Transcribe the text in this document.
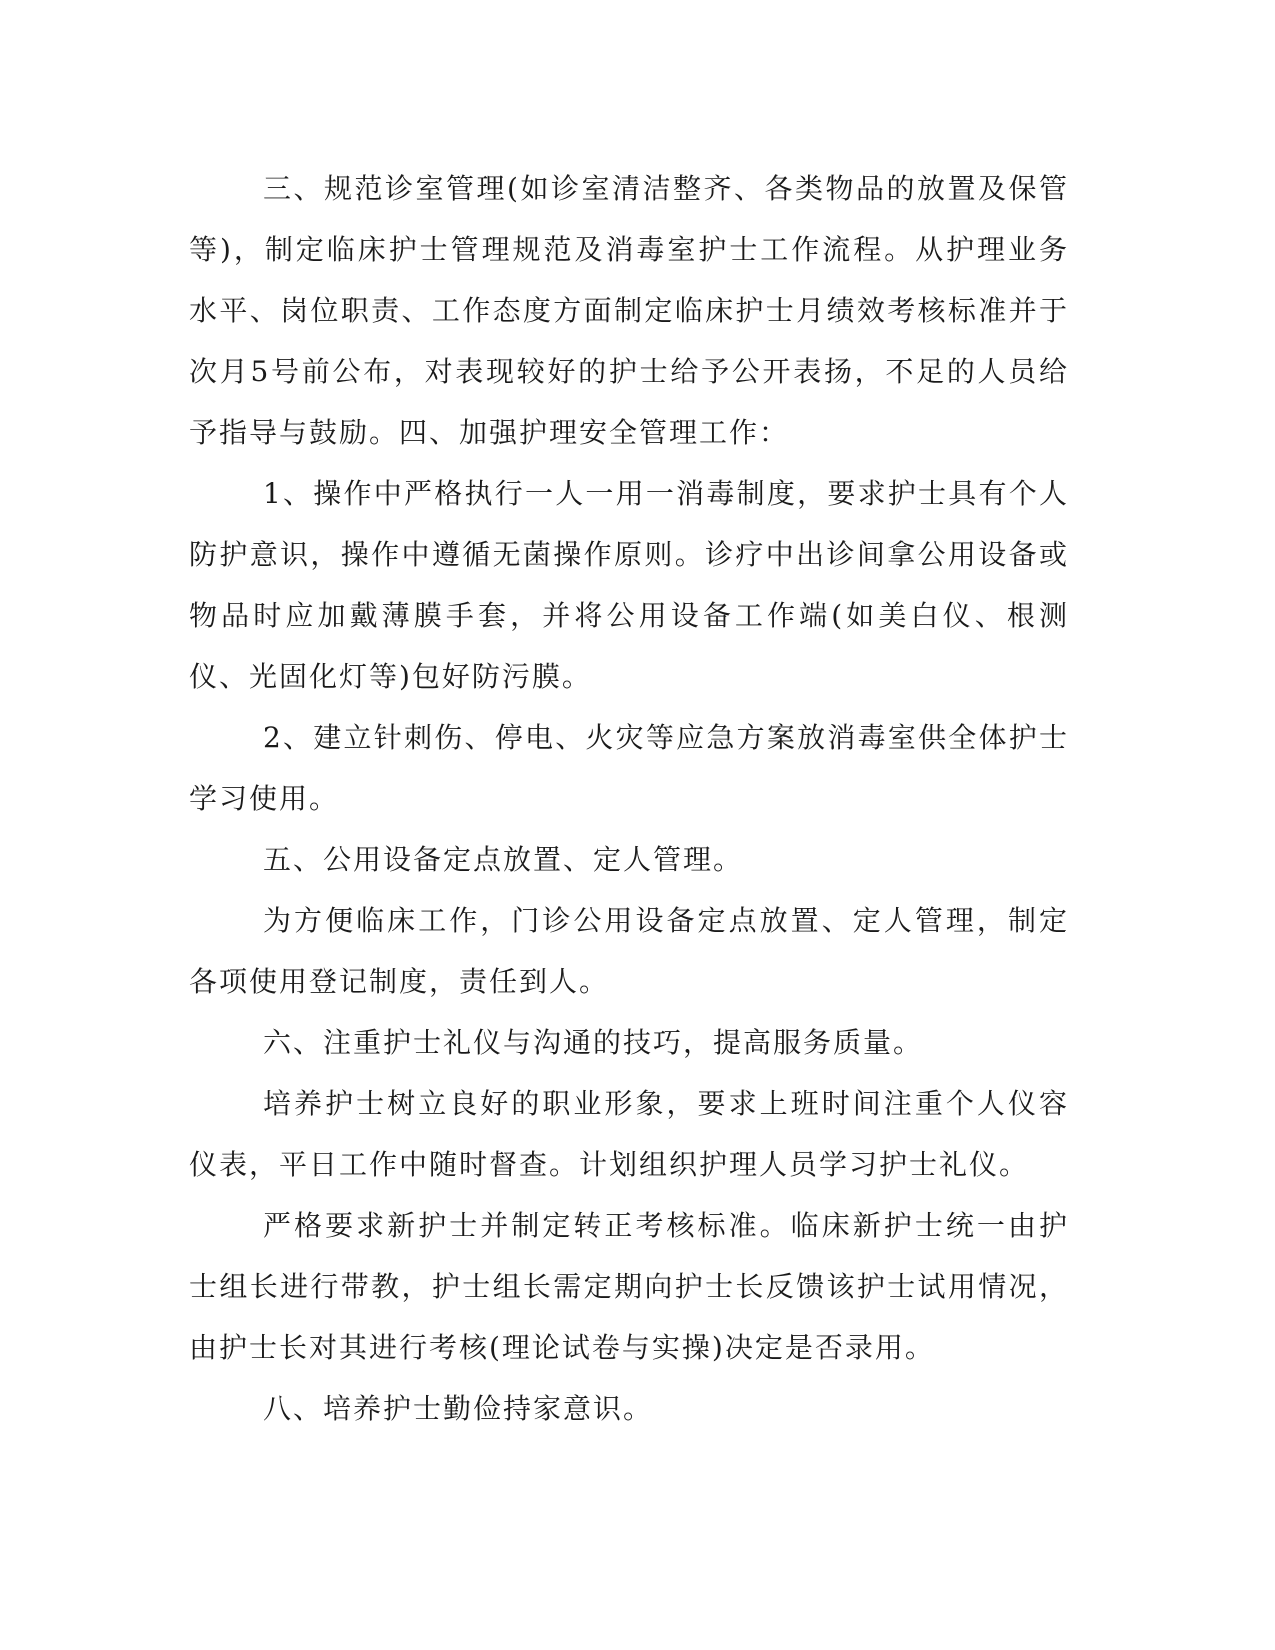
三、规范诊室管理(如诊室清洁整齐、各类物品的放置及保管等)，制定临床护士管理规范及消毒室护士工作流程。从护理业务水平、岗位职责、工作态度方面制定临床护士月绩效考核标准并于次月5号前公布，对表现较好的护士给予公开表扬，不足的人员给予指导与鼓励。四、加强护理安全管理工作：

1、操作中严格执行一人一用一消毒制度，要求护士具有个人防护意识，操作中遵循无菌操作原则。诊疗中出诊间拿公用设备或物品时应加戴薄膜手套，并将公用设备工作端(如美白仪、根测仪、光固化灯等)包好防污膜。

2、建立针刺伤、停电、火灾等应急方案放消毒室供全体护士学习使用。

五、公用设备定点放置、定人管理。

为方便临床工作，门诊公用设备定点放置、定人管理，制定各项使用登记制度，责任到人。

六、注重护士礼仪与沟通的技巧，提高服务质量。

培养护士树立良好的职业形象，要求上班时间注重个人仪容仪表，平日工作中随时督查。计划组织护理人员学习护士礼仪。

严格要求新护士并制定转正考核标准。临床新护士统一由护士组长进行带教，护士组长需定期向护士长反馈该护士试用情况，由护士长对其进行考核(理论试卷与实操)决定是否录用。

八、培养护士勤俭持家意识。
